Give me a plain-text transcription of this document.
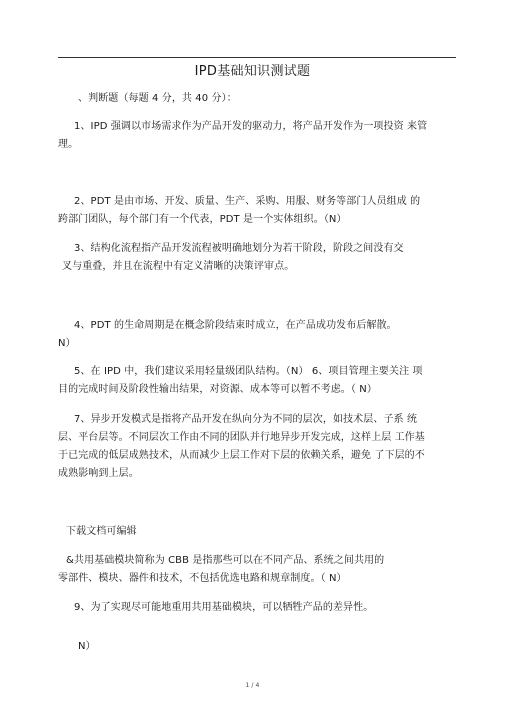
IPD基础知识测试题
、判断题（每题 4 分，共 40 分）：
1、IPD 强调以市场需求作为产品开发的驱动力，将产品开发作为一项投资 来管
理。
2、PDT 是由市场、开发、质量、生产、采购、用服、财务等部门人员组成 的
跨部门团队，每个部门有一个代表，PDT 是一个实体组织。（N）
3、结构化流程指产品开发流程被明确地划分为若干阶段，阶段之间没有交
叉与重叠，并且在流程中有定义清晰的决策评审点。
4、PDT 的生命周期是在概念阶段结束时成立，在产品成功发布后解散。
N）
5、在 IPD 中，我们建议采用轻量级团队结构。（N） 6、项目管理主要关注 项
目的完成时间及阶段性输出结果，对资源、成本等可以暂不考虑。（ N）
7、异步开发模式是指将产品开发在纵向分为不同的层次，如技术层、子系 统
层、平台层等。不同层次工作由不同的团队并行地异步开发完成，这样上层 工作基
于已完成的低层成熟技术，从而减少上层工作对下层的依赖关系，避免 了下层的不
成熟影响到上层。
下载文档可编辑
&共用基础模块简称为 CBB 是指那些可以在不同产品、系统之间共用的
零部件、模块、器件和技术，不包括优选电路和规章制度。（ N）
9、为了实现尽可能地重用共用基础模块，可以牺牲产品的差异性。
N）
1 / 4
